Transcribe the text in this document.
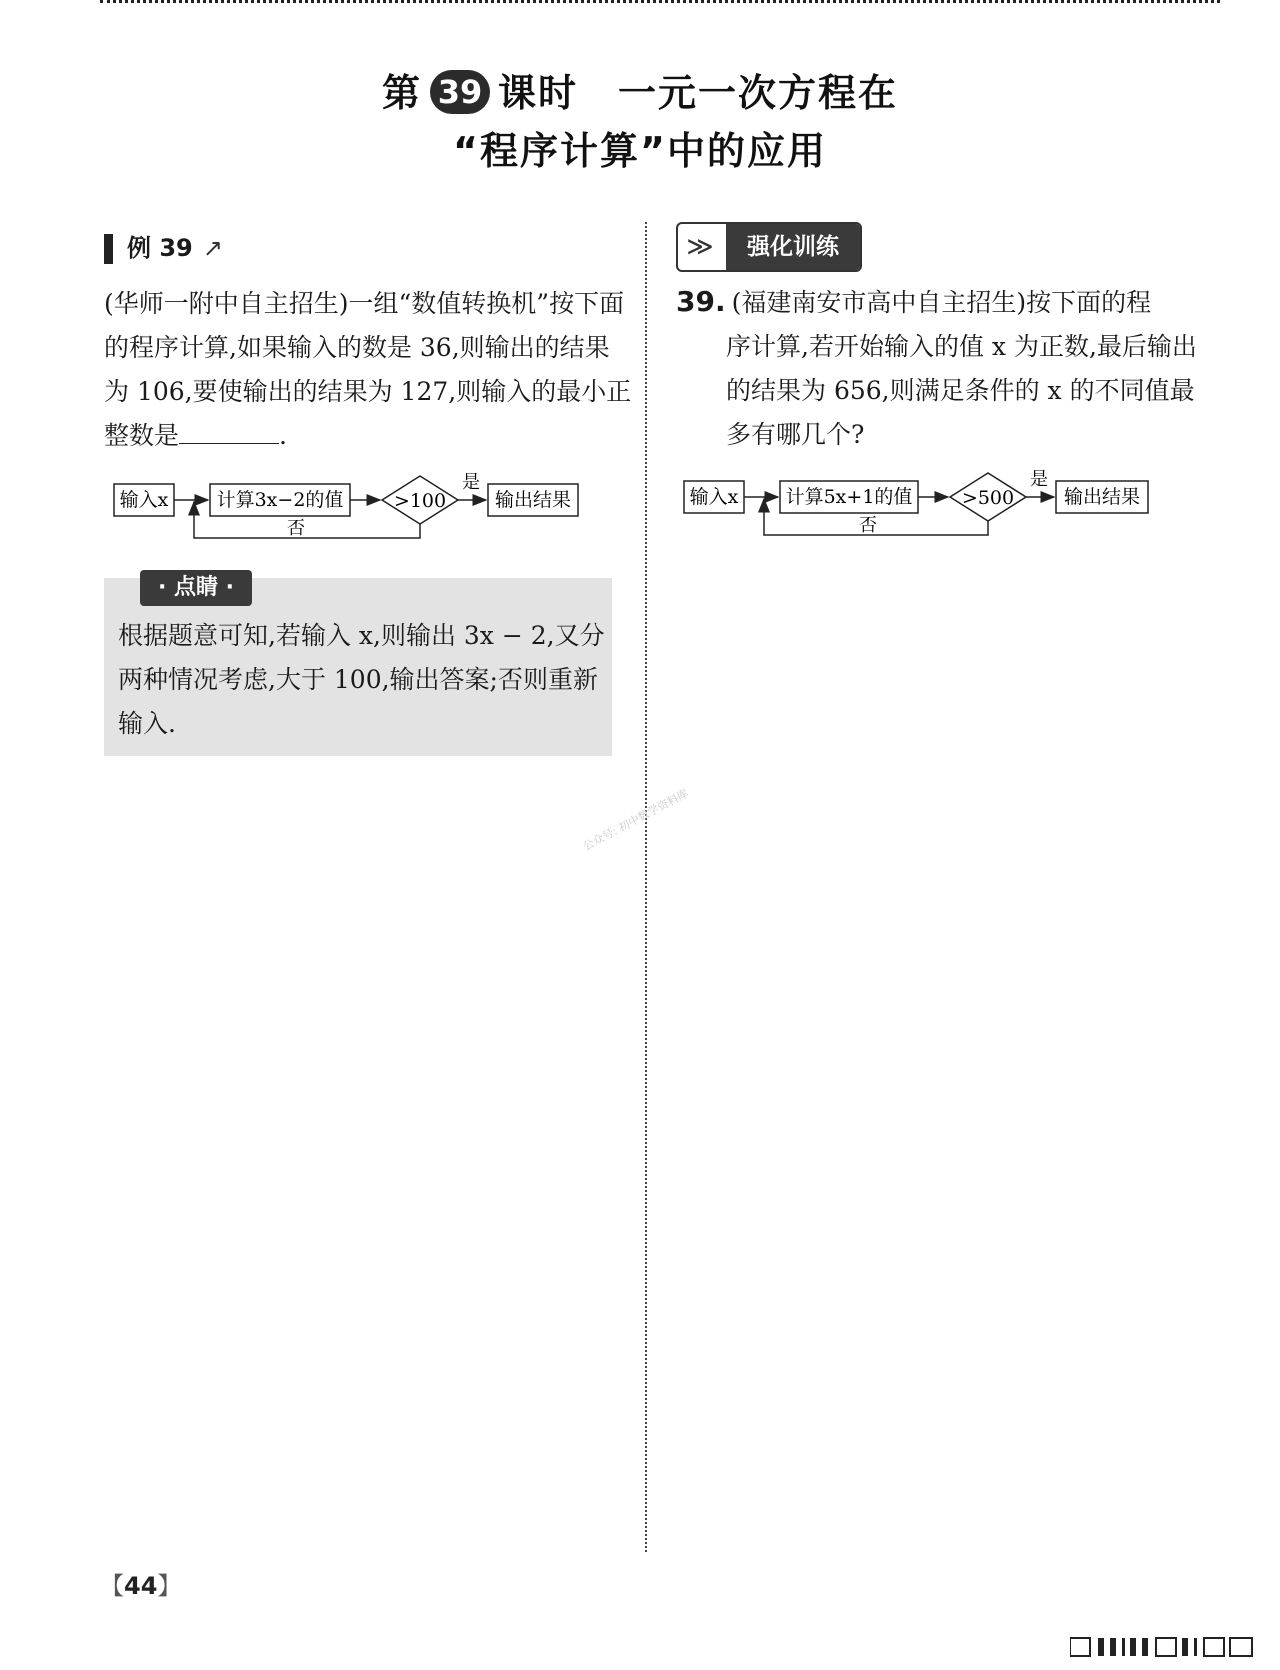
第 39 课时　一元一次方程在
“程序计算”中的应用
例 39 ↗
(华师一附中自主招生)一组“数值转换机”按下面的程序计算,如果输入的数是 36,则输出的结果为 106,要使输出的结果为 127,则输入的最小正整数是	.
输入x	计算3x−2的值	>100
是
输出结果
否
· 点睛 ·
根据题意可知,若输入 x,则输出 3x − 2,又分两种情况考虑,大于 100,输出答案;否则重新输入.
≫	强化训练
39. (福建南安市高中自主招生)按下面的程
序计算,若开始输入的值 x 为正数,最后输出的结果为 656,则满足条件的 x 的不同值最多有哪几个?
输入x 计算5x+1的值	>500
是
输出结果
否
公众号: 初中数学资料库
【44】
